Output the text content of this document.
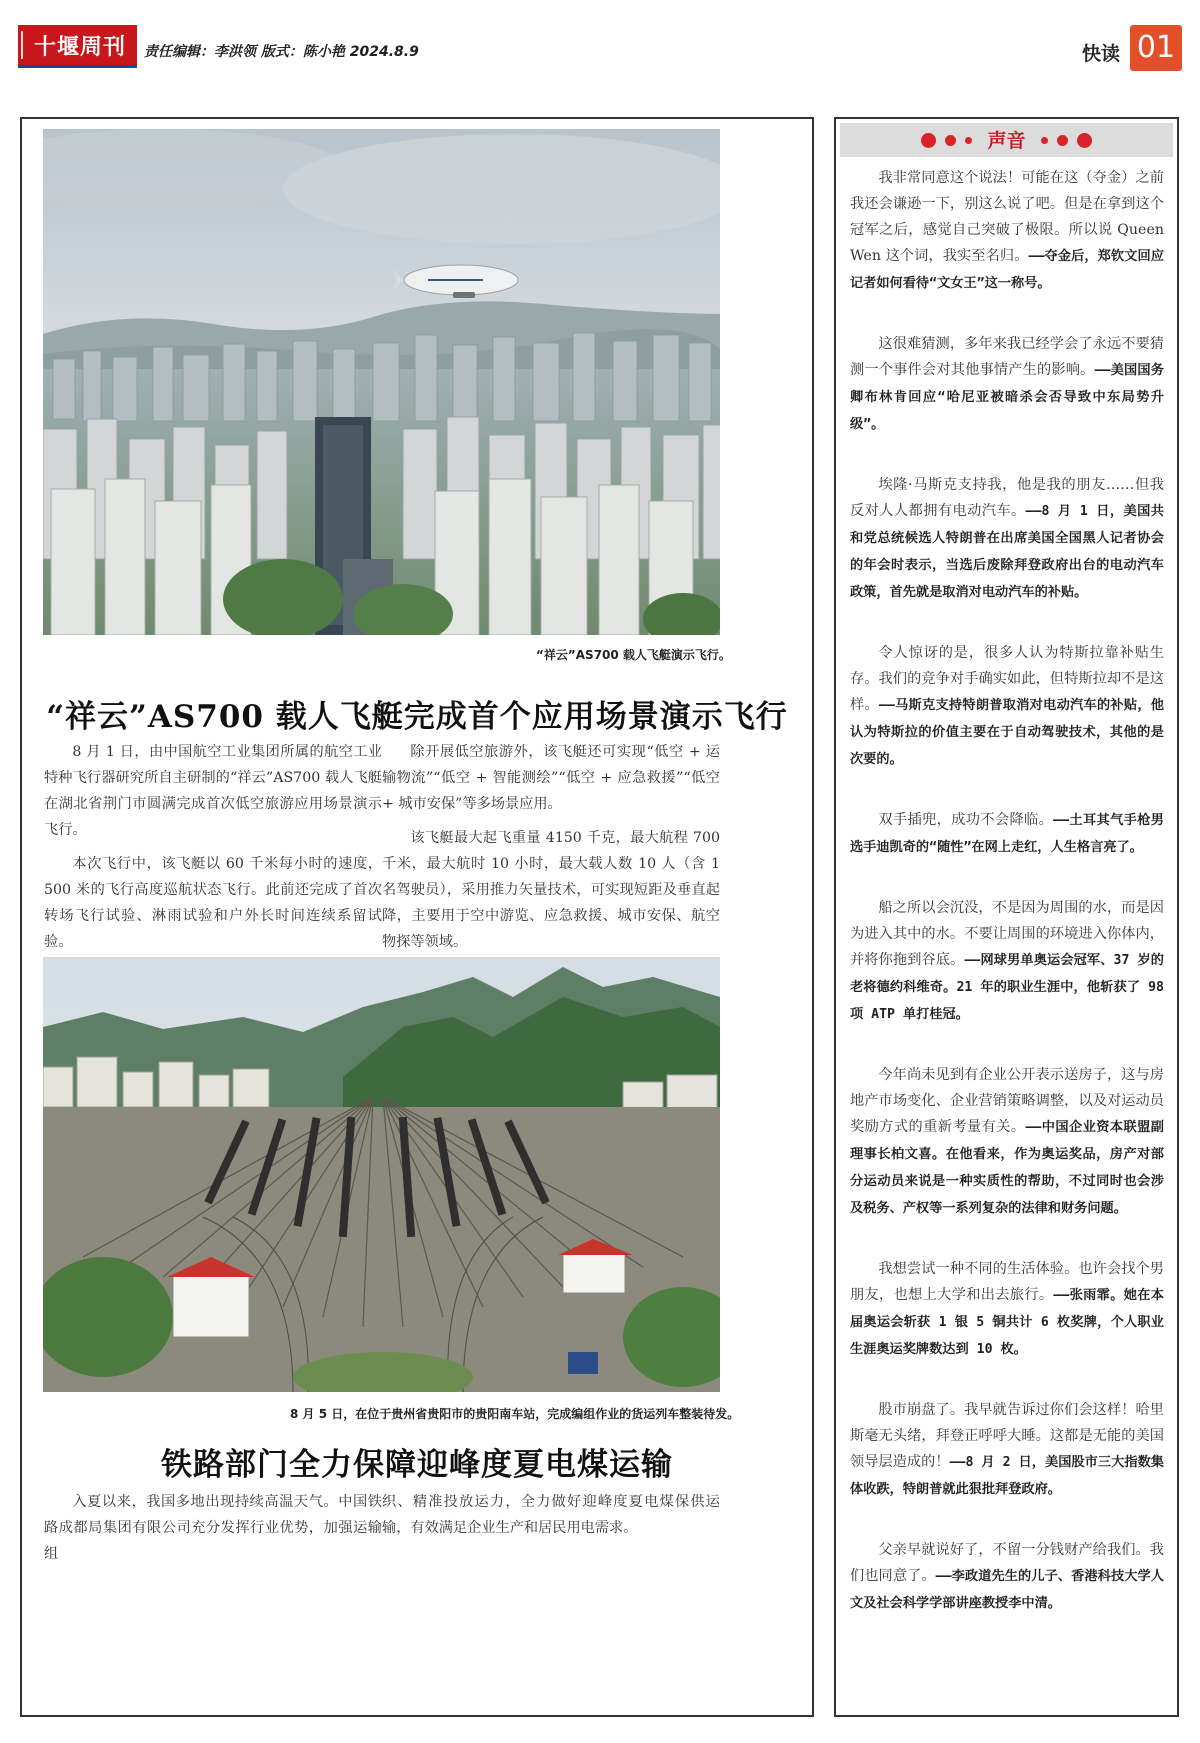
十堰周刊 责任编辑：李洪领 版式：陈小艳 2024.8.9	快读 01
“祥云”AS700 载人飞艇演示飞行。
“祥云”AS700 载人飞艇完成首个应用场景演示飞行

8 月 1 日，由中国航空工业集团所属的航空工业特种飞行器研究所自主研制的“祥云”AS700 载人飞艇在湖北省荆门市圆满完成首次低空旅游应用场景演示飞行。

本次飞行中，该飞艇以 60 千米每小时的速度，500 米的飞行高度巡航状态飞行。此前还完成了首次转场飞行试验、淋雨试验和户外长时间连续系留试验。

除开展低空旅游外，该飞艇还可实现“低空 + 运输物流”“低空 + 智能测绘”“低空 + 应急救援”“低空 + 城市安保”等多场景应用。

该飞艇最大起飞重量 4150 千克，最大航程 700 千米，最大航时 10 小时，最大载人数 10 人（含 1 名驾驶员），采用推力矢量技术，可实现短距及垂直起降，主要用于空中游览、应急救援、城市安保、航空物探等领域。

8 月 5 日，在位于贵州省贵阳市的贵阳南车站，完成编组作业的货运列车整装待发。
铁路部门全力保障迎峰度夏电煤运输

入夏以来，我国多地出现持续高温天气。中国铁路成都局集团有限公司充分发挥行业优势，加强运输组

织、精准投放运力，全力做好迎峰度夏电煤保供运输，有效满足企业生产和居民用电需求。

声音

我非常同意这个说法！可能在这（夺金）之前我还会谦逊一下，别这么说了吧。但是在拿到这个冠军之后，感觉自己突破了极限。所以说 Queen Wen 这个词，我实至名归。——夺金后，郑钦文回应记者如何看待“文女王”这一称号。

这很难猜测，多年来我已经学会了永远不要猜测一个事件会对其他事情产生的影响。——美国国务卿布林肯回应“哈尼亚被暗杀会否导致中东局势升级”。

埃隆·马斯克支持我，他是我的朋友……但我反对人人都拥有电动汽车。——8 月 1 日，美国共和党总统候选人特朗普在出席美国全国黑人记者协会的年会时表示，当选后废除拜登政府出台的电动汽车政策，首先就是取消对电动汽车的补贴。

令人惊讶的是，很多人认为特斯拉靠补贴生存。我们的竞争对手确实如此，但特斯拉却不是这样。——马斯克支持特朗普取消对电动汽车的补贴，他认为特斯拉的价值主要在于自动驾驶技术，其他的是次要的。

双手插兜，成功不会降临。——土耳其气手枪男选手迪凯奇的“随性”在网上走红，人生格言亮了。

船之所以会沉没，不是因为周围的水，而是因为进入其中的水。不要让周围的环境进入你体内，并将你拖到谷底。——网球男单奥运会冠军、37 岁的老将德约科维奇。21 年的职业生涯中，他斩获了 98 项 ATP 单打桂冠。

今年尚未见到有企业公开表示送房子，这与房地产市场变化、企业营销策略调整，以及对运动员奖励方式的重新考量有关。——中国企业资本联盟副理事长柏文喜。在他看来，作为奥运奖品，房产对部分运动员来说是一种实质性的帮助，不过同时也会涉及税务、产权等一系列复杂的法律和财务问题。

我想尝试一种不同的生活体验。也许会找个男朋友，也想上大学和出去旅行。——张雨霏。她在本届奥运会斩获 1 银 5 铜共计 6 枚奖牌，个人职业生涯奥运奖牌数达到 10 枚。

股市崩盘了。我早就告诉过你们会这样！哈里斯毫无头绪，拜登正呼呼大睡。这都是无能的美国领导层造成的！——8 月 2 日，美国股市三大指数集体收跌，特朗普就此狠批拜登政府。

父亲早就说好了，不留一分钱财产给我们。我们也同意了。——李政道先生的儿子、香港科技大学人文及社会科学学部讲座教授李中清。
